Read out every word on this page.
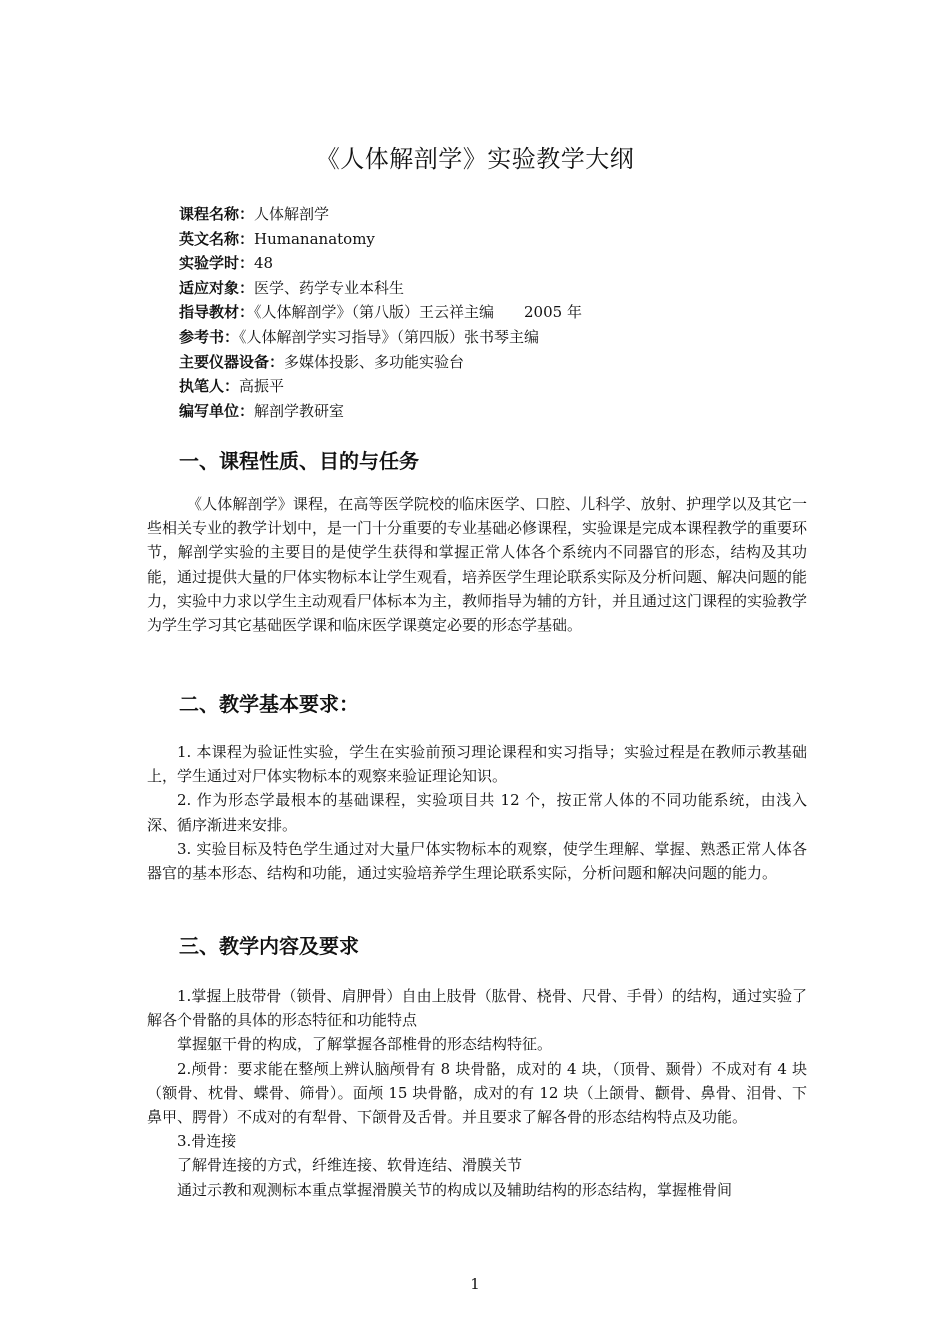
《人体解剖学》实验教学大纲
课程名称：人体解剖学
英文名称：Humananatomy
实验学时：48
适应对象：医学、药学专业本科生
指导教材：《人体解剖学》（第八版）王云祥主编　　2005 年
参考书：《人体解剖学实习指导》（第四版）张书琴主编
主要仪器设备：多媒体投影、多功能实验台
执笔人：高振平
编写单位：解剖学教研室
一、课程性质、目的与任务

《人体解剖学》课程，在高等医学院校的临床医学、口腔、儿科学、放射、护理学以及其它一些相关专业的教学计划中，是一门十分重要的专业基础必修课程，实验课是完成本课程教学的重要环节，解剖学实验的主要目的是使学生获得和掌握正常人体各个系统内不同器官的形态，结构及其功能，通过提供大量的尸体实物标本让学生观看，培养医学生理论联系实际及分析问题、解决问题的能力，实验中力求以学生主动观看尸体标本为主，教师指导为辅的方针，并且通过这门课程的实验教学为学生学习其它基础医学课和临床医学课奠定必要的形态学基础。

二、教学基本要求：

1. 本课程为验证性实验，学生在实验前预习理论课程和实习指导；实验过程是在教师示教基础上，学生通过对尸体实物标本的观察来验证理论知识。

2. 作为形态学最根本的基础课程，实验项目共 12 个，按正常人体的不同功能系统，由浅入深、循序渐进来安排。

3. 实验目标及特色学生通过对大量尸体实物标本的观察，使学生理解、掌握、熟悉正常人体各器官的基本形态、结构和功能，通过实验培养学生理论联系实际，分析问题和解决问题的能力。

三、教学内容及要求

1.掌握上肢带骨（锁骨、肩胛骨）自由上肢骨（肱骨、桡骨、尺骨、手骨）的结构，通过实验了解各个骨骼的具体的形态特征和功能特点

掌握躯干骨的构成，了解掌握各部椎骨的形态结构特征。

2.颅骨：要求能在整颅上辨认脑颅骨有 8 块骨骼，成对的 4 块，（顶骨、颞骨）不成对有 4 块（额骨、枕骨、蝶骨、筛骨）。面颅 15 块骨骼，成对的有 12 块（上颌骨、颧骨、鼻骨、泪骨、下鼻甲、腭骨）不成对的有犁骨、下颌骨及舌骨。并且要求了解各骨的形态结构特点及功能。

3.骨连接

了解骨连接的方式，纤维连接、软骨连结、滑膜关节

通过示教和观测标本重点掌握滑膜关节的构成以及辅助结构的形态结构，掌握椎骨间

1
